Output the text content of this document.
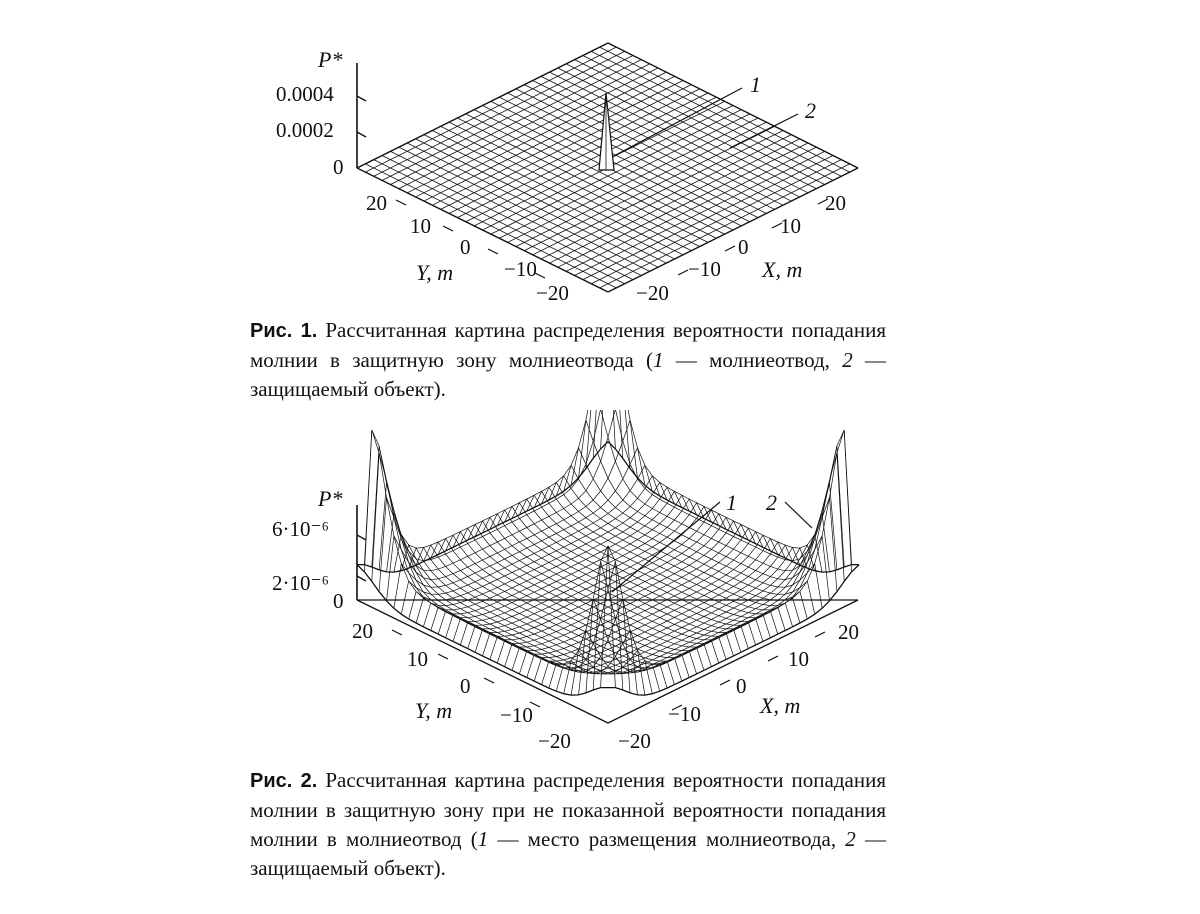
P*
0.0004
0.0002
0
20
10
0
−10
−20
Y, m
−20
−10
0
10
20
X, m
1
2
Рис. 1. Рассчитанная картина распределения вероятности попадания молнии в защитную зону молниеотвода (1 — молниеотвод, 2 — защищаемый объект).
P*
6·10⁻⁶
2·10⁻⁶
0
20
10
0
−10
−20
Y, m
−20
−10
0
10
20
X, m
1 2
Рис. 2. Рассчитанная картина распределения вероятности попадания молнии в защитную зону при не показанной вероятности попадания молнии в молниеотвод (1 — место размещения молниеотвода, 2 — защищаемый объект).
